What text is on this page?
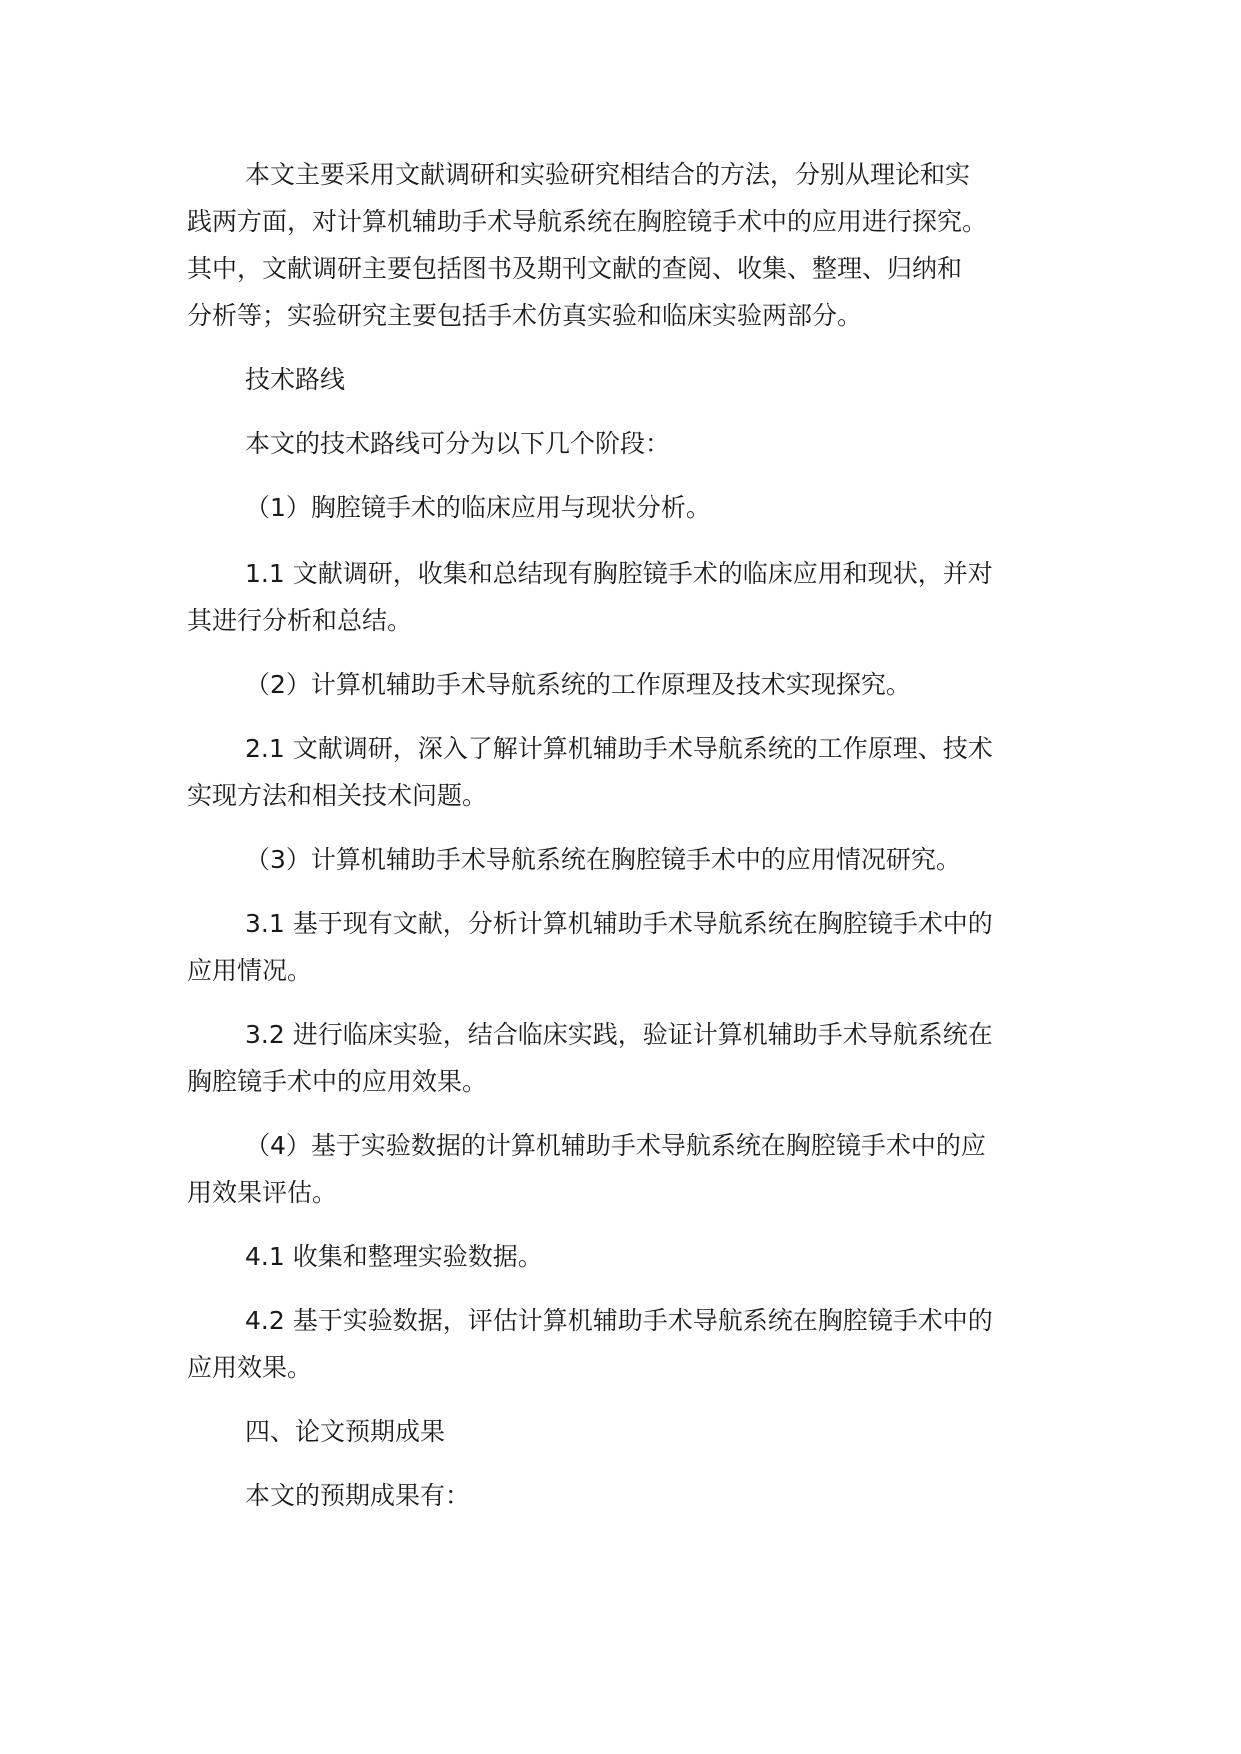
本文主要采用文献调研和实验研究相结合的方法，分别从理论和实
践两方面，对计算机辅助手术导航系统在胸腔镜手术中的应用进行探究。
其中，文献调研主要包括图书及期刊文献的查阅、收集、整理、归纳和
分析等；实验研究主要包括手术仿真实验和临床实验两部分。
技术路线
本文的技术路线可分为以下几个阶段：
（1）胸腔镜手术的临床应用与现状分析。
1.1 文献调研，收集和总结现有胸腔镜手术的临床应用和现状，并对
其进行分析和总结。
（2）计算机辅助手术导航系统的工作原理及技术实现探究。
2.1 文献调研，深入了解计算机辅助手术导航系统的工作原理、技术
实现方法和相关技术问题。
（3）计算机辅助手术导航系统在胸腔镜手术中的应用情况研究。
3.1 基于现有文献，分析计算机辅助手术导航系统在胸腔镜手术中的
应用情况。
3.2 进行临床实验，结合临床实践，验证计算机辅助手术导航系统在
胸腔镜手术中的应用效果。
（4）基于实验数据的计算机辅助手术导航系统在胸腔镜手术中的应
用效果评估。
4.1 收集和整理实验数据。
4.2 基于实验数据，评估计算机辅助手术导航系统在胸腔镜手术中的
应用效果。
四、论文预期成果
本文的预期成果有：
